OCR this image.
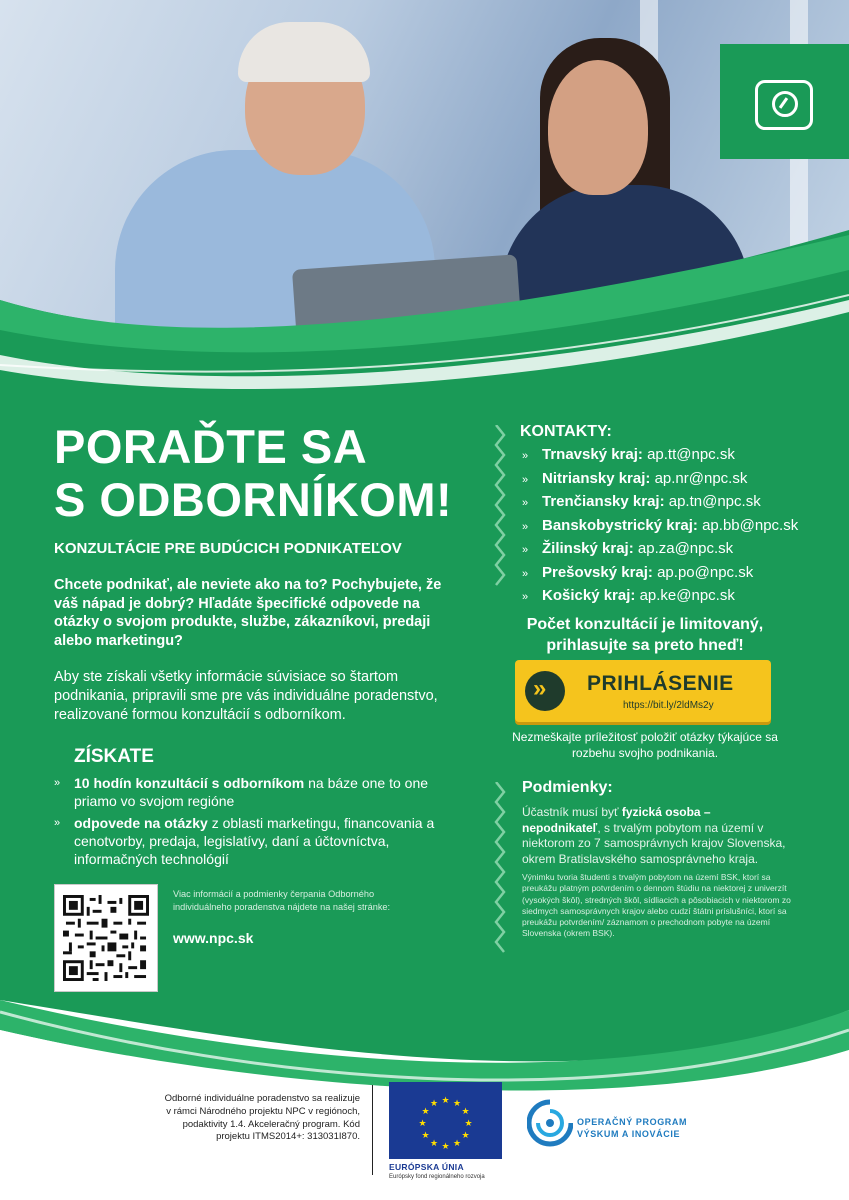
PORAĎTE SA
S ODBORNÍKOM!
KONZULTÁCIE PRE BUDÚCICH PODNIKATEĽOV
Chcete podnikať, ale neviete ako na to? Pochybujete, že váš nápad je dobrý? Hľadáte špecifické odpovede na otázky o svojom produkte, službe, zákazníkovi, predaji alebo marketingu?
Aby ste získali všetky informácie súvisiace so štartom podnikania, pripravili sme pre vás individuálne poradenstvo, realizované formou konzultácií s odborníkom.
ZÍSKATE
» 10 hodín konzultácií s odborníkom na báze one to one priamo vo svojom regióne
» odpovede na otázky z oblasti marketingu, financovania a cenotvorby, predaja, legislatívy, daní a účtovníctva, informačných technológií
Viac informácií a podmienky čerpania Odborného individuálneho poradenstva nájdete na našej stránke:
www.npc.sk
KONTAKTY:
» Trnavský kraj: ap.tt@npc.sk
» Nitriansky kraj: ap.nr@npc.sk
» Trenčiansky kraj: ap.tn@npc.sk
» Banskobystrický kraj: ap.bb@npc.sk
» Žilinský kraj: ap.za@npc.sk
» Prešovský kraj: ap.po@npc.sk
» Košický kraj: ap.ke@npc.sk
Počet konzultácií je limitovaný,
prihlasujte sa preto hneď!
» PRIHLÁSENIE
https://bit.ly/2ldMs2y
Nezmeškajte príležitosť položiť otázky týkajúce sa rozbehu svojho podnikania.
Podmienky:
Účastník musí byť fyzická osoba – nepodnikateľ, s trvalým pobytom na území v niektorom zo 7 samosprávnych krajov Slovenska, okrem Bratislavského samosprávneho kraja.
Výnimku tvoria študenti s trvalým pobytom na území BSK, ktorí sa preukážu platným potvrdením o dennom štúdiu na niektorej z univerzít (vysokých škôl), stredných škôl, sídliacich a pôsobiacich v niektorom zo siedmych samosprávnych krajov alebo cudzí štátni príslušníci, ktorí sa preukážu potvrdením/ záznamom o prechodnom pobyte na území Slovenska (okrem BSK).
Odborné individuálne poradenstvo sa realizuje v rámci Národného projektu NPC v regiónoch, podaktivity 1.4. Akceleračný program. Kód projektu ITMS2014+: 313031I870.
★ ★
★
★
★
★
★
★
★
★
★
★
EURÓPSKA ÚNIA
Európsky fond regionálneho rozvoja
OPERAČNÝ PROGRAM
VÝSKUM A INOVÁCIE
